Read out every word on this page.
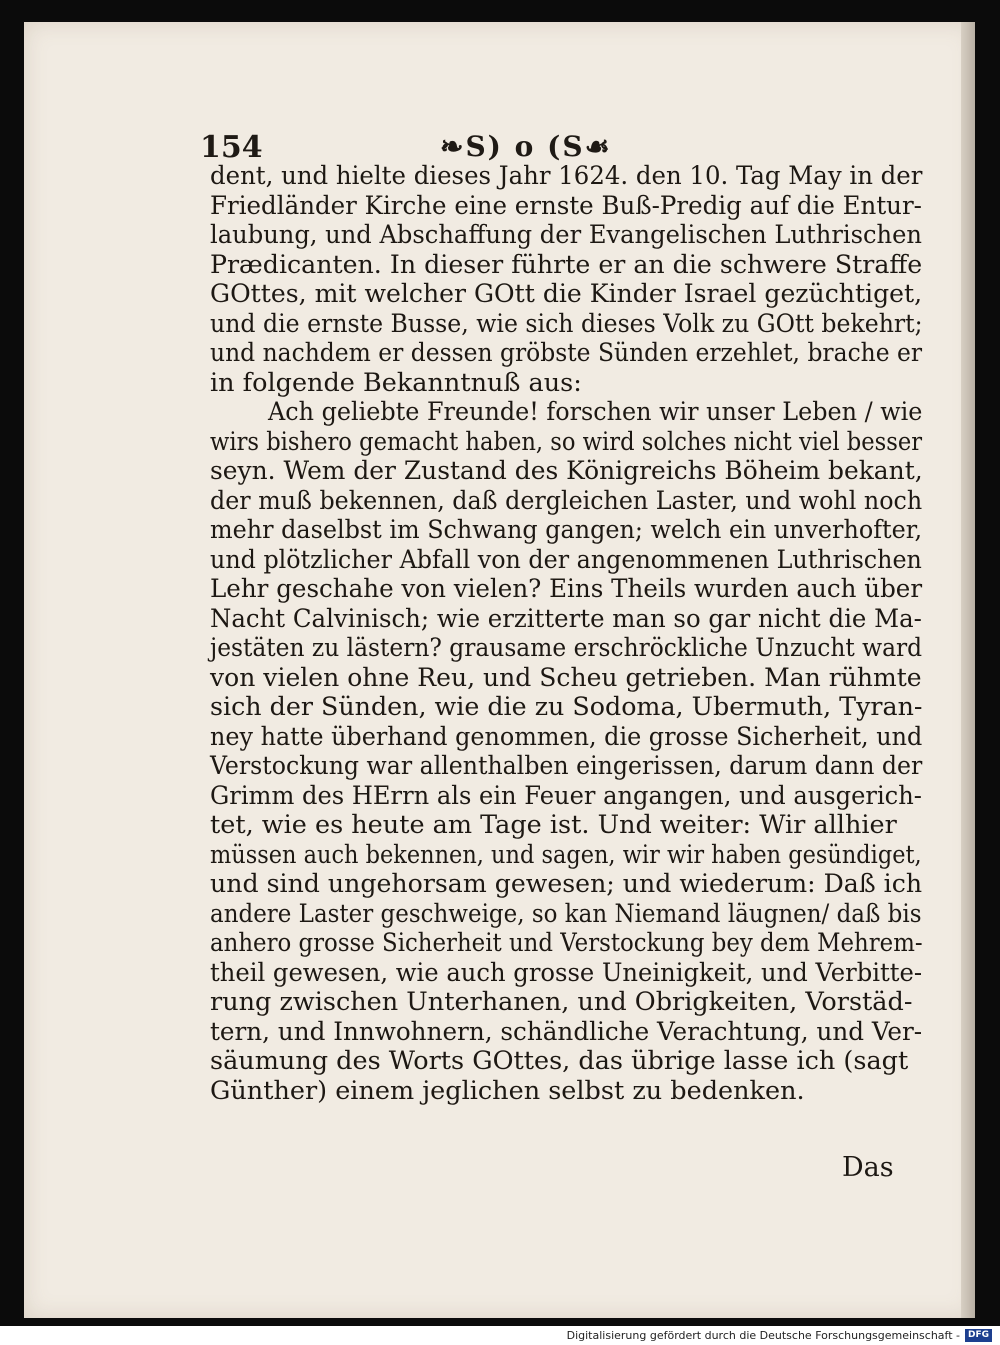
154	❧S) o (S☙
dent, und hielte dieses Jahr 1624. den 10. Tag May in der
Friedländer Kirche eine ernste Buß-Predig auf die Entur-
laubung, und Abschaffung der Evangelischen Luthrischen
Prædicanten. In dieser führte er an die schwere Straffe
GOttes, mit welcher GOtt die Kinder Israel gezüchtiget,
und die ernste Busse, wie sich dieses Volk zu GOtt bekehrt;
und nachdem er dessen gröbste Sünden erzehlet, brache er
in folgende Bekanntnuß aus:
Ach geliebte Freunde! forschen wir unser Leben / wie
wirs bishero gemacht haben, so wird solches nicht viel besser
seyn. Wem der Zustand des Königreichs Böheim bekant,
der muß bekennen, daß dergleichen Laster, und wohl noch
mehr daselbst im Schwang gangen; welch ein unverhofter,
und plötzlicher Abfall von der angenommenen Luthrischen
Lehr geschahe von vielen? Eins Theils wurden auch über
Nacht Calvinisch; wie erzitterte man so gar nicht die Ma-
jestäten zu lästern? grausame erschröckliche Unzucht ward
von vielen ohne Reu, und Scheu getrieben. Man rühmte
sich der Sünden, wie die zu Sodoma, Ubermuth, Tyran-
ney hatte überhand genommen, die grosse Sicherheit, und
Verstockung war allenthalben eingerissen, darum dann der
Grimm des HErrn als ein Feuer angangen, und ausgerich-
tet, wie es heute am Tage ist. Und weiter: Wir allhier
müssen auch bekennen, und sagen, wir wir haben gesündiget,
und sind ungehorsam gewesen; und wiederum: Daß ich
andere Laster geschweige, so kan Niemand läugnen/ daß bis
anhero grosse Sicherheit und Verstockung bey dem Mehrem-
theil gewesen, wie auch grosse Uneinigkeit, und Verbitte-
rung zwischen Unterhanen, und Obrigkeiten, Vorstäd-
tern, und Innwohnern, schändliche Verachtung, und Ver-
säumung des Worts GOttes, das übrige lasse ich (sagt
Günther) einem jeglichen selbst zu bedenken.
Das
Digitalisierung gefördert durch die Deutsche Forschungsgemeinschaft - DFG
